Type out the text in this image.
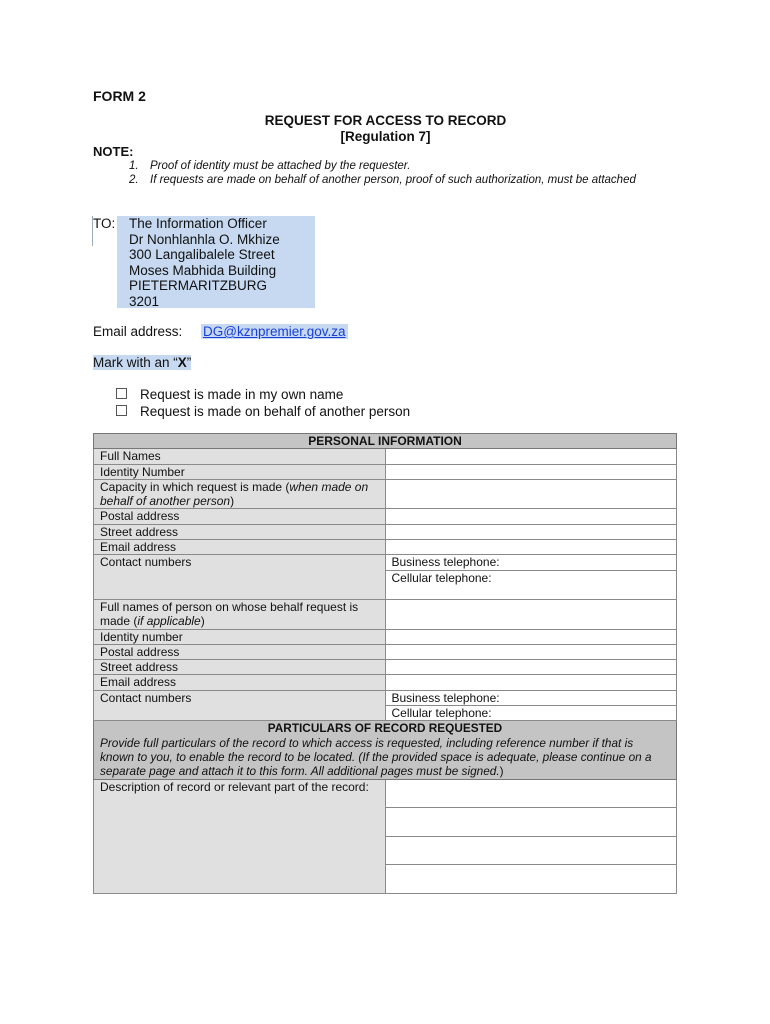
FORM 2
REQUEST FOR ACCESS TO RECORD
[Regulation 7]
NOTE:
1. Proof of identity must be attached by the requester.
2. If requests are made on behalf of another person, proof of such authorization, must be attached
TO: The Information Officer
Dr Nonhlanhla O. Mkhize
300 Langalibalele Street
Moses Mabhida Building
PIETERMARITZBURG
3201
Email address: DG@kznpremier.gov.za
Mark with an “X”
Request is made in my own name
Request is made on behalf of another person
PERSONAL INFORMATION	
Full Names	
Identity Number	
Capacity in which request is made (when made on behalf of another person)	
Postal address	
Street address	
Email address	
Contact numbers	Business telephone:
Cellular telephone:

Full names of person on whose behalf request is made (if applicable)	
Identity number	
Postal address	
Street address	
Email address	
Contact numbers	Business telephone:
Cellular telephone:

PARTICULARS OF RECORD REQUESTED
Provide full particulars of the record to which access is requested, including reference number if that is known to you, to enable the record to be located. (If the provided space is adequate, please continue on a separate page and attach it to this form. All additional pages must be signed.)	
Description of record or relevant part of the record:	
